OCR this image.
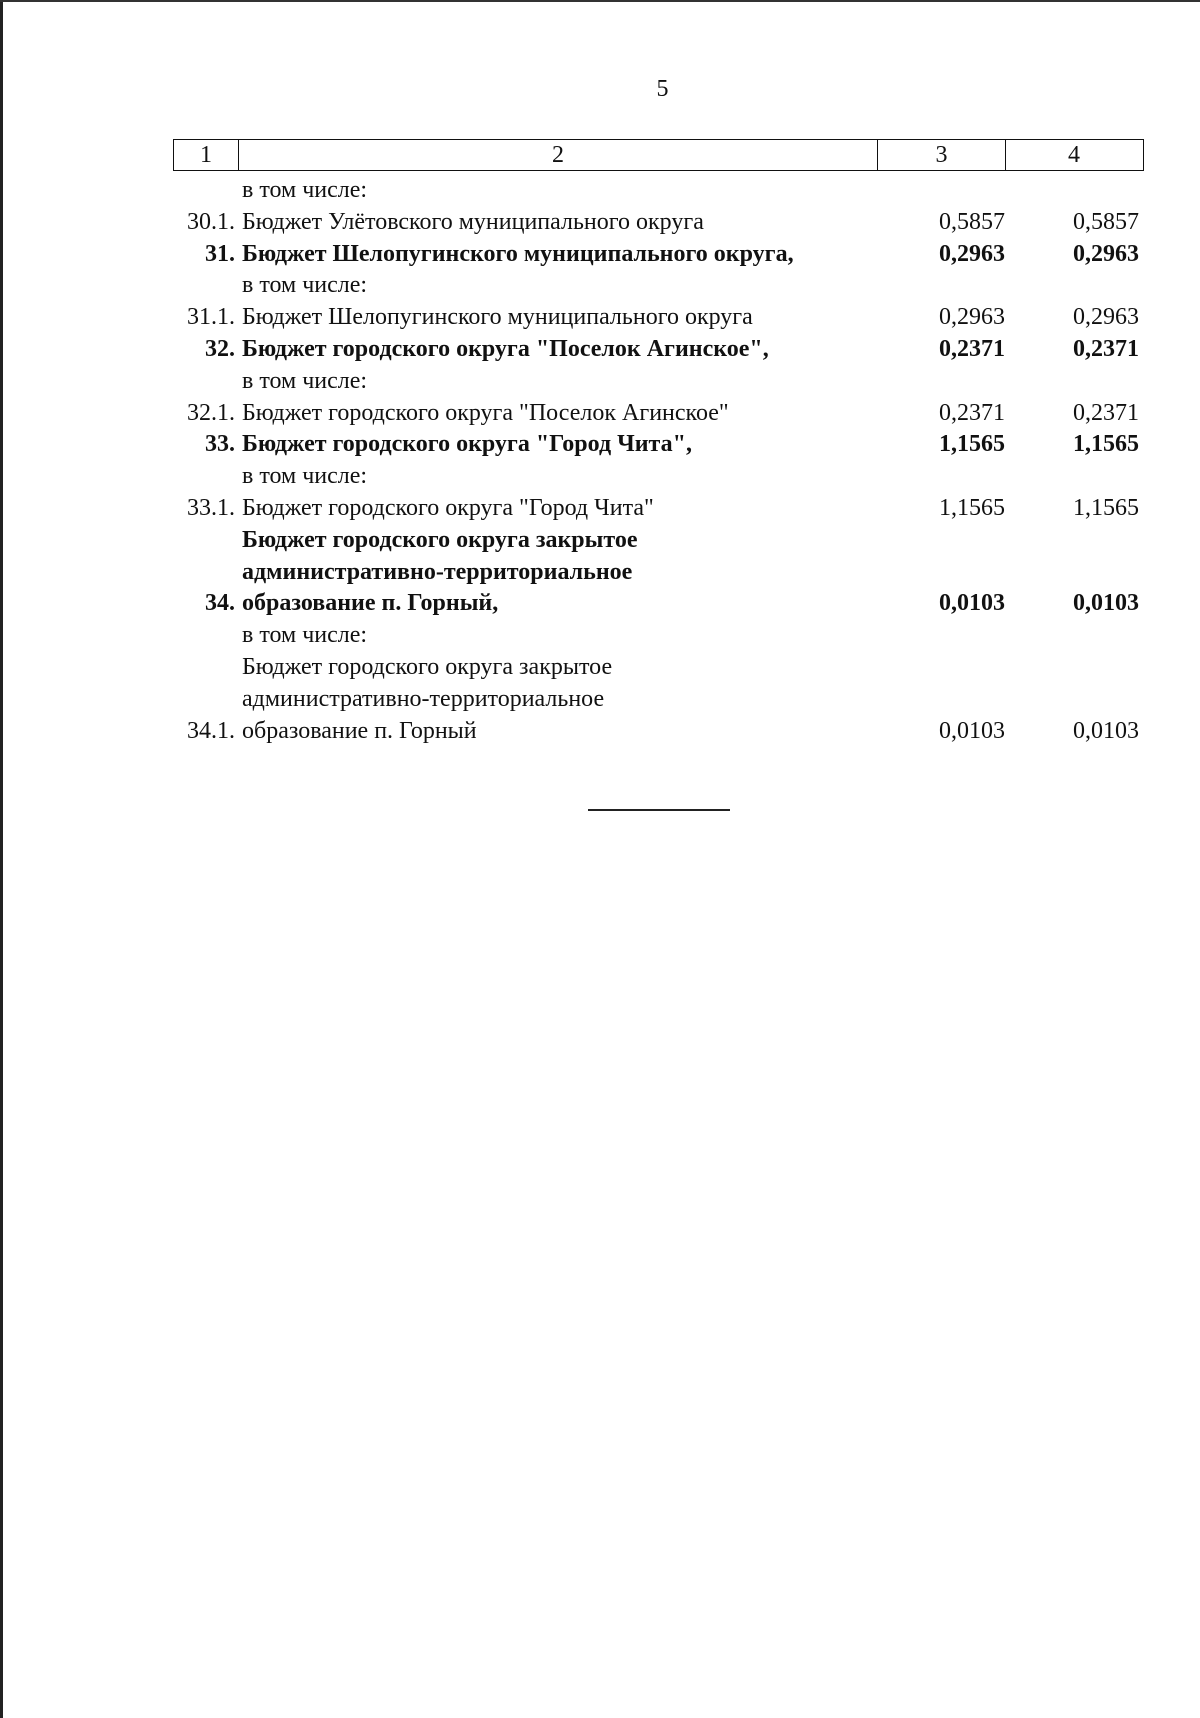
5
1	2	3	4
в том числе:
30.1. Бюджет Улётовского муниципального округа	0,5857	0,5857
31. Бюджет Шелопугинского муниципального округа,	0,2963	0,2963
в том числе:
31.1. Бюджет Шелопугинского муниципального округа	0,2963	0,2963
32. Бюджет городского округа "Поселок Агинское",	0,2371	0,2371
в том числе:
32.1. Бюджет городского округа "Поселок Агинское"	0,2371	0,2371
33. Бюджет городского округа "Город Чита",	1,1565	1,1565
в том числе:
33.1. Бюджет городского округа "Город Чита"	1,1565	1,1565
34.
Бюджет городского округа закрытое
административно-территориальное
образование п. Горный,	0,0103	0,0103
в том числе:
34.1.
Бюджет городского округа закрытое
административно-территориальное
образование п. Горный	0,0103	0,0103
